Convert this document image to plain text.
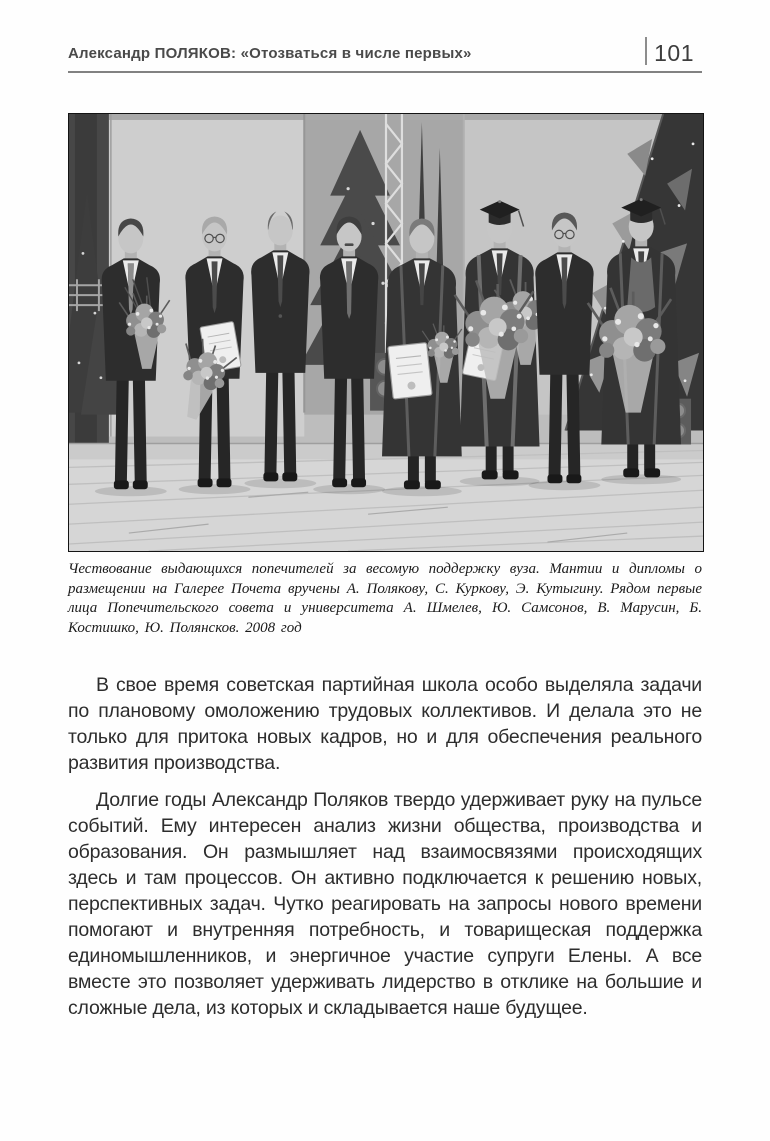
Александр ПОЛЯКОВ: «Отозваться в числе первых»	101
Чествование выдающихся попечителей за весомую поддержку вуза. Мантии и дипломы о размещении на Галерее Почета вручены А. Полякову, С. Куркову, Э. Кутыгину. Рядом первые лица Попечительского совета и университета А. Шмелев, Ю. Самсонов, В. Марусин, Б. Костишко, Ю. Полянсков. 2008 год

В свое время советская партийная школа особо выделяла задачи по плановому омоложению трудовых коллективов. И делала это не только для притока новых кадров, но и для обеспечения реального развития производства.

Долгие годы Александр Поляков твердо удерживает руку на пульсе событий. Ему интересен анализ жизни общества, производства и образования. Он размышляет над взаимосвязями происходящих здесь и там процессов. Он активно подключается к решению новых, перспективных задач. Чутко реагировать на запросы нового времени помогают и внутренняя потребность, и товарищеская поддержка единомышленников, и энергичное участие супруги Елены. А все вместе это позволяет удерживать лидерство в отклике на большие и сложные дела, из которых и складывается наше будущее.
